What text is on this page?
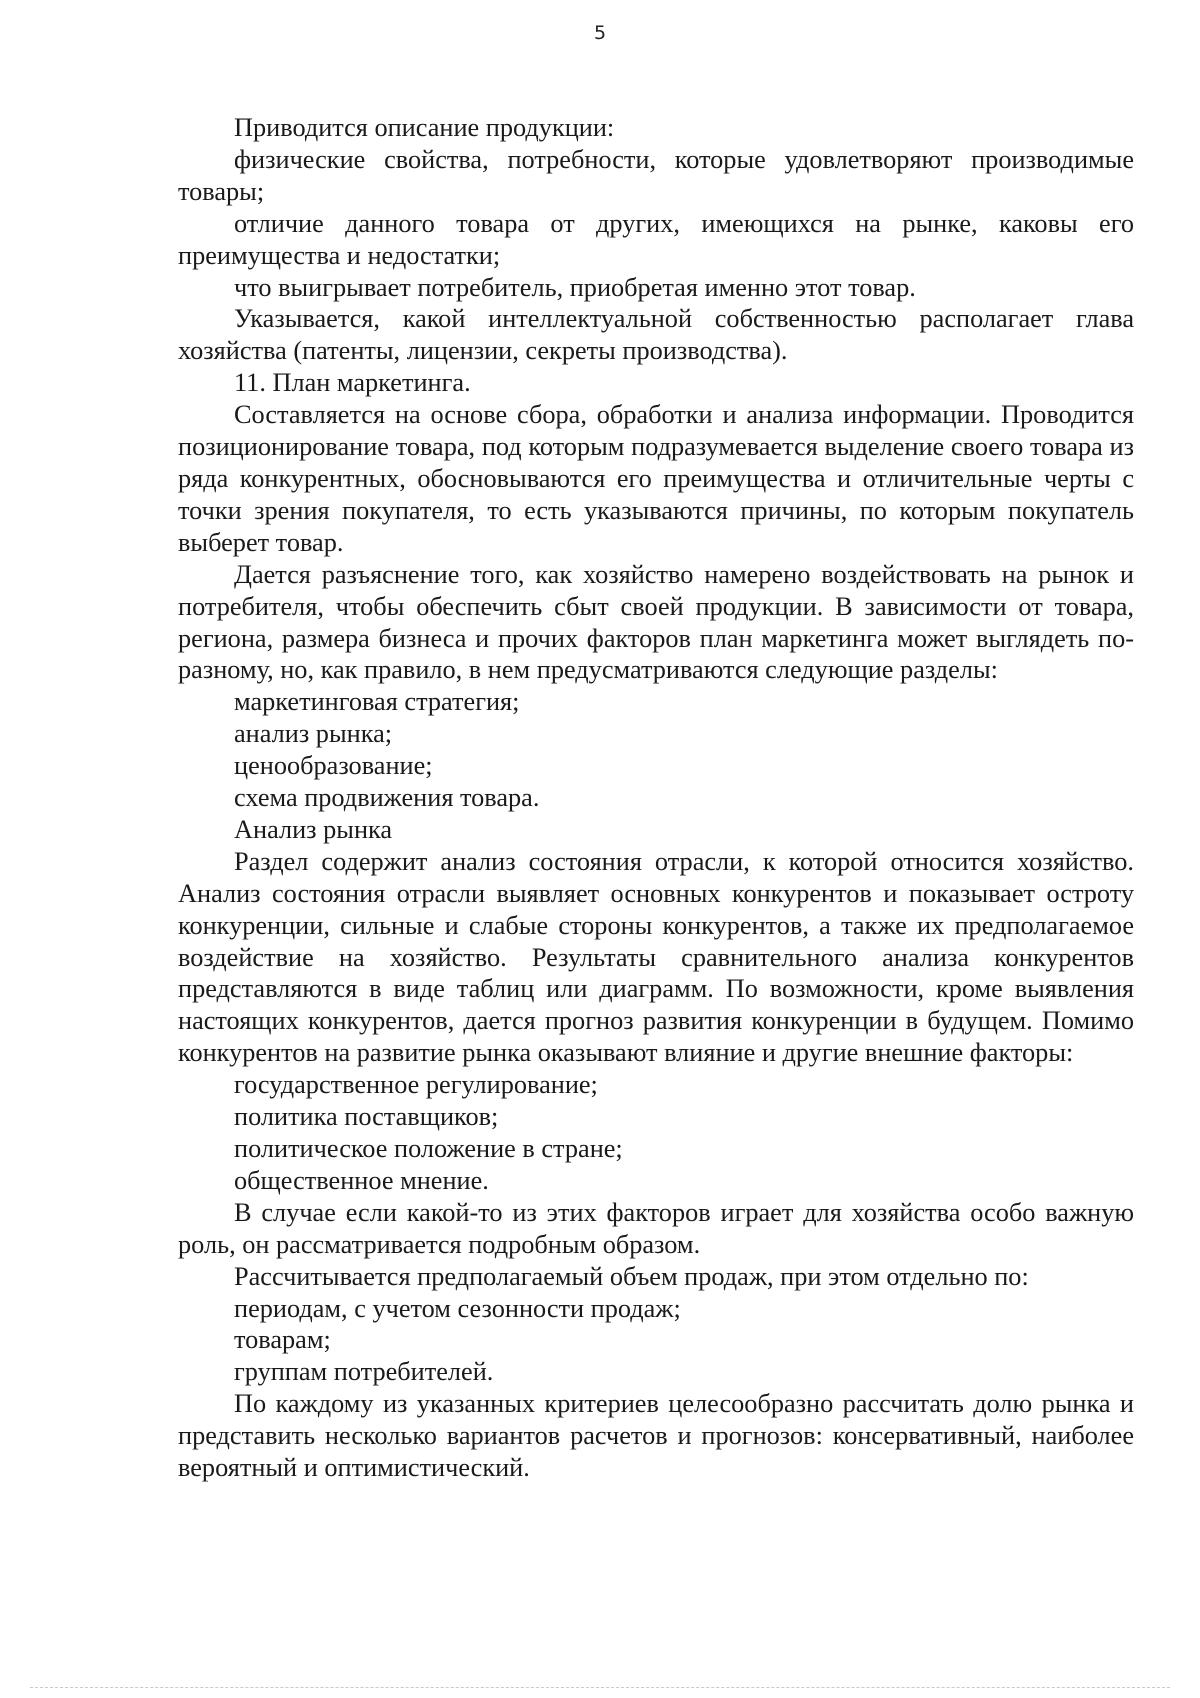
5

Приводится описание продукции:

физические свойства, потребности, которые удовлетворяют производимые товары;

отличие данного товара от других, имеющихся на рынке, каковы его преимущества и недостатки;

что выигрывает потребитель, приобретая именно этот товар.

Указывается, какой интеллектуальной собственностью располагает глава хозяйства (патенты, лицензии, секреты производства).

11. План маркетинга.

Составляется на основе сбора, обработки и анализа информации. Проводится позиционирование товара, под которым подразумевается выделение своего товара из ряда конкурентных, обосновываются его преимущества и отличительные черты с точки зрения покупателя, то есть указываются причины, по которым покупатель выберет товар.

Дается разъяснение того, как хозяйство намерено воздействовать на рынок и потребителя, чтобы обеспечить сбыт своей продукции. В зависимости от товара, региона, размера бизнеса и прочих факторов план маркетинга может выглядеть по-разному, но, как правило, в нем предусматриваются следующие разделы:

маркетинговая стратегия;

анализ рынка;

ценообразование;

схема продвижения товара.

Анализ рынка

Раздел содержит анализ состояния отрасли, к которой относится хозяйство. Анализ состояния отрасли выявляет основных конкурентов и показывает остроту конкуренции, сильные и слабые стороны конкурентов, а также их предполагаемое воздействие на хозяйство. Результаты сравнительного анализа конкурентов представляются в виде таблиц или диаграмм. По возможности, кроме выявления настоящих конкурентов, дается прогноз развития конкуренции в будущем. Помимо конкурентов на развитие рынка оказывают влияние и другие внешние факторы:

государственное регулирование;

политика поставщиков;

политическое положение в стране;

общественное мнение.

В случае если какой-то из этих факторов играет для хозяйства особо важную роль, он рассматривается подробным образом.

Рассчитывается предполагаемый объем продаж, при этом отдельно по:

периодам, с учетом сезонности продаж;

товарам;

группам потребителей.

По каждому из указанных критериев целесообразно рассчитать долю рынка и представить несколько вариантов расчетов и прогнозов: консервативный, наиболее вероятный и оптимистический.
